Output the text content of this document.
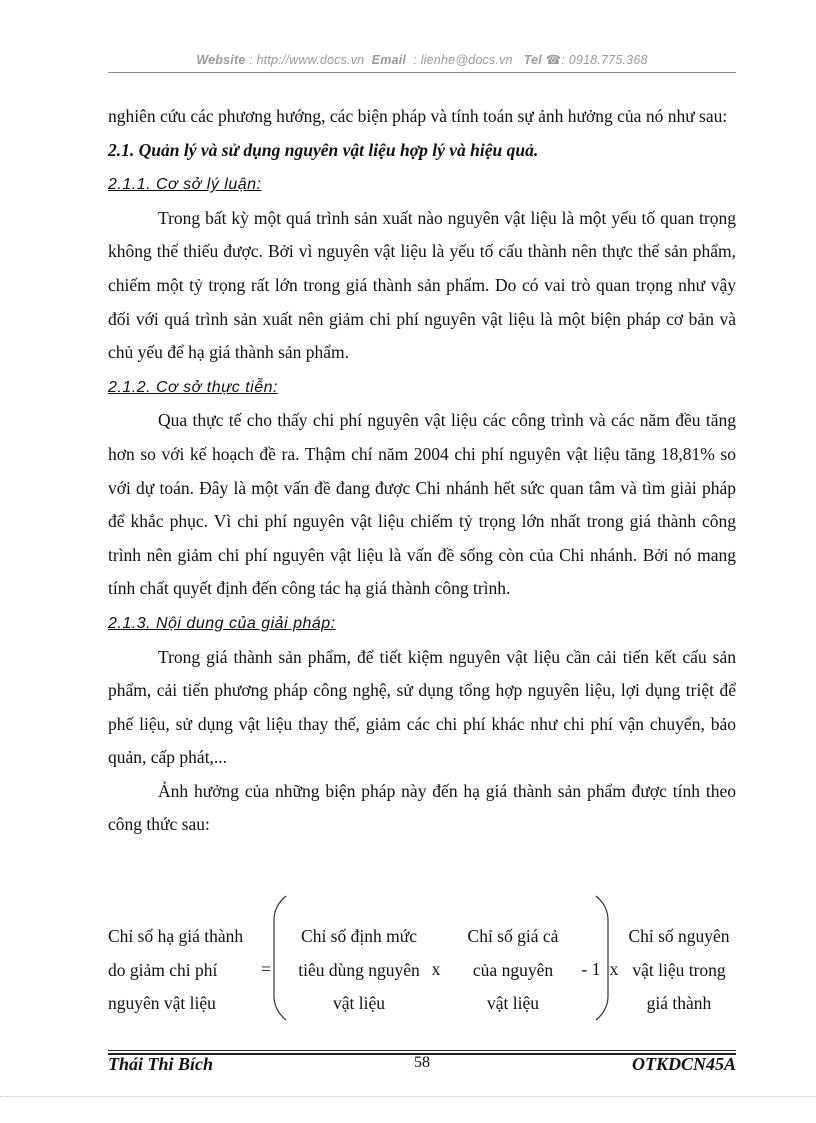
Website : http://www.docs.vn Email : lienhe@docs.vn Tel ☎: 0918.775.368

nghiên cứu các phương hướng, các biện pháp và tính toán sự ảnh hưởng của nó như sau:

2.1. Quản lý và sử dụng nguyên vật liệu hợp lý và hiệu quả.

2.1.1. Cơ sở lý luận:

Trong bất kỳ một quá trình sản xuất nào nguyên vật liệu là một yếu tố quan trọng không thể thiếu được. Bởi vì nguyên vật liệu là yếu tố cấu thành nên thực thể sản phẩm, chiếm một tỷ trọng rất lớn trong giá thành sản phẩm. Do có vai trò quan trọng như vậy đối với quá trình sản xuất nên giảm chi phí nguyên vật liệu là một biện pháp cơ bản và chủ yếu để hạ giá thành sản phẩm.

2.1.2. Cơ sở thực tiễn:

Qua thực tế cho thấy chi phí nguyên vật liệu các công trình và các năm đều tăng hơn so với kế hoạch đề ra. Thậm chí năm 2004 chi phí nguyên vật liệu tăng 18,81% so với dự toán. Đây là một vấn đề đang được Chi nhánh hết sức quan tâm và tìm giải pháp để khắc phục. Vì chi phí nguyên vật liệu chiếm tỷ trọng lớn nhất trong giá thành công trình nên giảm chi phí nguyên vật liệu là vấn đề sống còn của Chi nhánh. Bởi nó mang tính chất quyết định đến công tác hạ giá thành công trình.

2.1.3. Nội dung của giải pháp:

Trong giá thành sản phẩm, để tiết kiệm nguyên vật liệu cần cải tiến kết cấu sản phẩm, cải tiến phương pháp công nghệ, sử dụng tổng hợp nguyên liệu, lợi dụng triệt để phế liệu, sử dụng vật liệu thay thế, giảm các chi phí khác như chi phí vận chuyển, bảo quản, cấp phát,...

Ảnh hưởng của những biện pháp này đến hạ giá thành sản phẩm được tính theo công thức sau:

Chỉ số hạ giá thành
do giảm chi phí
nguyên vật liệu
=
Chỉ số định mức
tiêu dùng nguyên
vật liệu
x
Chỉ số giá cả
của nguyên
vật liệu
- 1 x
Chỉ số nguyên
vật liệu trong
giá thành
Thái Thi Bích	58	OTKDCN45A
